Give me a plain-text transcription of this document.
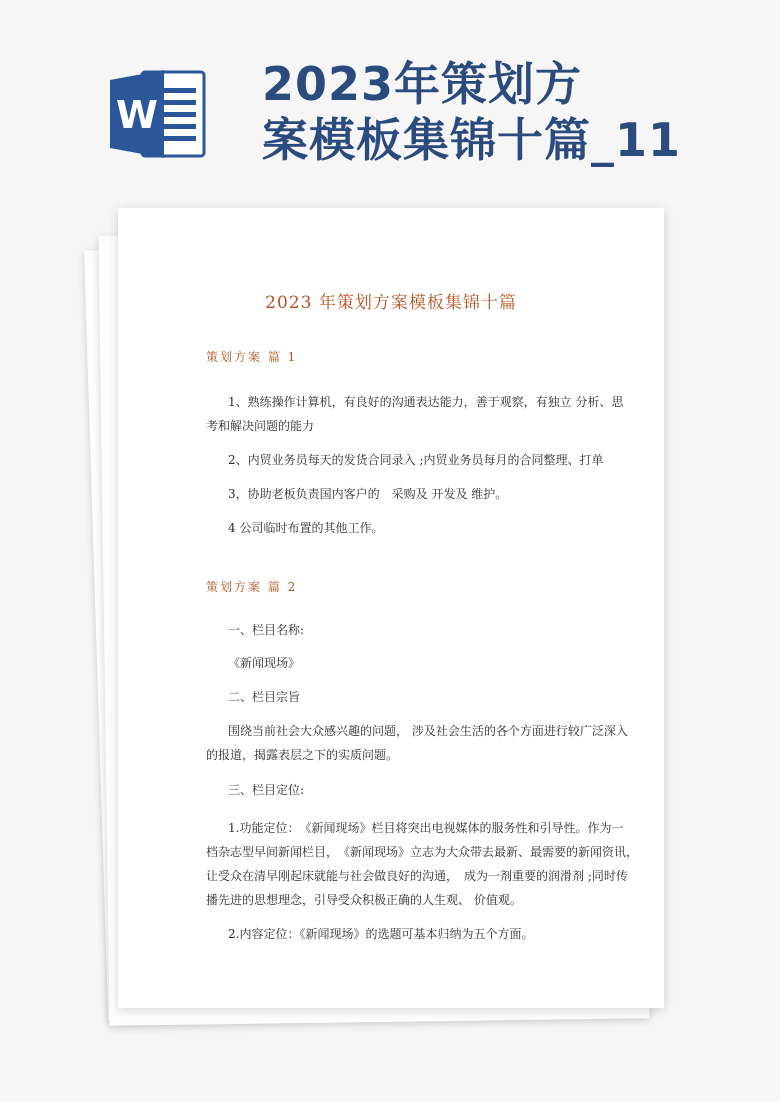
W
2023年策划方
案模板集锦十篇_11
2023 年策划方案模板集锦十篇
策划方案 篇 1
1、熟练操作计算机，有良好的沟通表达能力，善于观察，有独立 分析、思
考和解决问题的能力
2、内贸业务员每天的发货合同录入 ;内贸业务员每月的合同整理、打单
3，协助老板负责国内客户的　采购及 开发及 维护。
4 公司临时布置的其他工作。
策划方案 篇 2
一、栏目名称:
《新闻现场》
二、栏目宗旨
围绕当前社会大众感兴趣的问题， 涉及社会生活的各个方面进行较广泛深入
的报道，揭露表层之下的实质问题。
三、栏目定位:
1.功能定位：　《新闻现场》栏目将突出电视媒体的服务性和引导性。作为一
档杂志型早间新闻栏目，　《新闻现场》立志为大众带去最新、最需要的新闻资讯，
让受众在清早刚起床就能与社会做良好的沟通，　成为一剂重要的润滑剂 ;同时传
播先进的思想理念，引导受众积极正确的人生观、 价值观。
2.内容定位：《新闻现场》的选题可基本归纳为五个方面。
